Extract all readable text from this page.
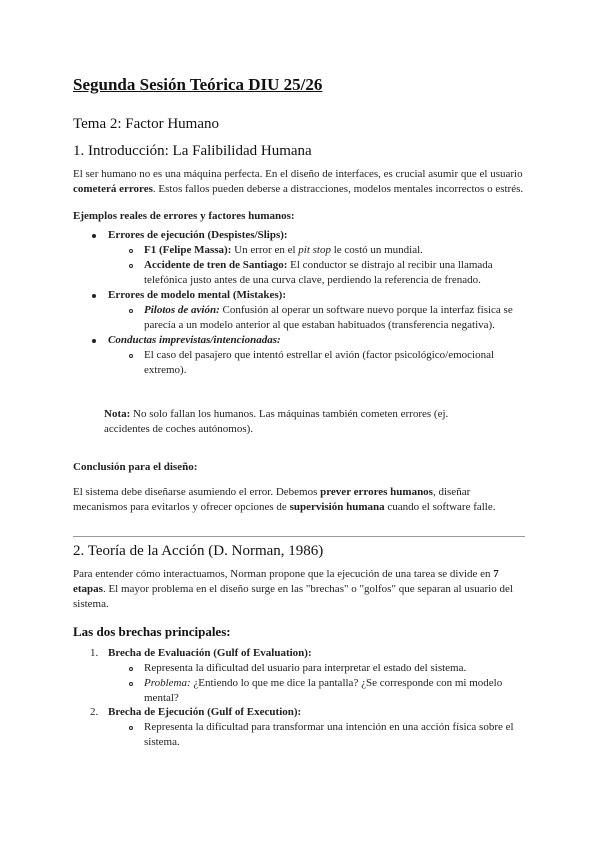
Segunda Sesión Teórica DIU 25/26
Tema 2: Factor Humano
1. Introducción: La Falibilidad Humana
El ser humano no es una máquina perfecta. En el diseño de interfaces, es crucial asumir que el usuario
cometerá errores. Estos fallos pueden deberse a distracciones, modelos mentales incorrectos o estrés.
Ejemplos reales de errores y factores humanos:
Errores de ejecución (Despistes/Slips):
F1 (Felipe Massa): Un error en el pit stop le costó un mundial.
Accidente de tren de Santiago: El conductor se distrajo al recibir una llamada
telefónica justo antes de una curva clave, perdiendo la referencia de frenado.
Errores de modelo mental (Mistakes):
Pilotos de avión: Confusión al operar un software nuevo porque la interfaz física se
parecía a un modelo anterior al que estaban habituados (transferencia negativa).
Conductas imprevistas/intencionadas:
El caso del pasajero que intentó estrellar el avión (factor psicológico/emocional
extremo).
Nota: No solo fallan los humanos. Las máquinas también cometen errores (ej.
accidentes de coches autónomos).
Conclusión para el diseño:
El sistema debe diseñarse asumiendo el error. Debemos prever errores humanos, diseñar
mecanismos para evitarlos y ofrecer opciones de supervisión humana cuando el software falle.
2. Teoría de la Acción (D. Norman, 1986)
Para entender cómo interactuamos, Norman propone que la ejecución de una tarea se divide en 7
etapas. El mayor problema en el diseño surge en las "brechas" o "golfos" que separan al usuario del
sistema.
Las dos brechas principales:
1. Brecha de Evaluación (Gulf of Evaluation):
Representa la dificultad del usuario para interpretar el estado del sistema.
Problema: ¿Entiendo lo que me dice la pantalla? ¿Se corresponde con mi modelo
mental?
2. Brecha de Ejecución (Gulf of Execution):
Representa la dificultad para transformar una intención en una acción física sobre el
sistema.
